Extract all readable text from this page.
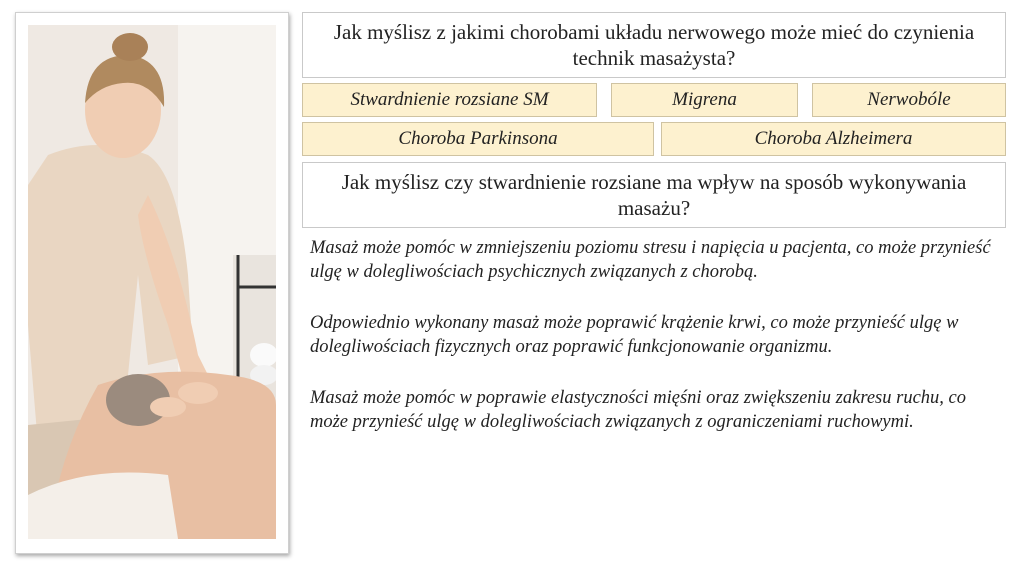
Jak myślisz z jakimi chorobami układu nerwowego może mieć do czynienia technik masażysta?
Stwardnienie rozsiane SM	Migrena	Nerwobóle
Choroba Parkinsona	Choroba Alzheimera
Jak myślisz czy stwardnienie rozsiane ma wpływ na sposób wykonywania masażu?

Masaż może pomóc w zmniejszeniu poziomu stresu i napięcia u pacjenta, co może przynieść ulgę w dolegliwościach psychicznych związanych z chorobą.

Odpowiednio wykonany masaż może poprawić krążenie krwi, co może przynieść ulgę w dolegliwościach fizycznych oraz poprawić funkcjonowanie organizmu.

Masaż może pomóc w poprawie elastyczności mięśni oraz zwiększeniu zakresu ruchu, co może przynieść ulgę w dolegliwościach związanych z ograniczeniami ruchowymi.
